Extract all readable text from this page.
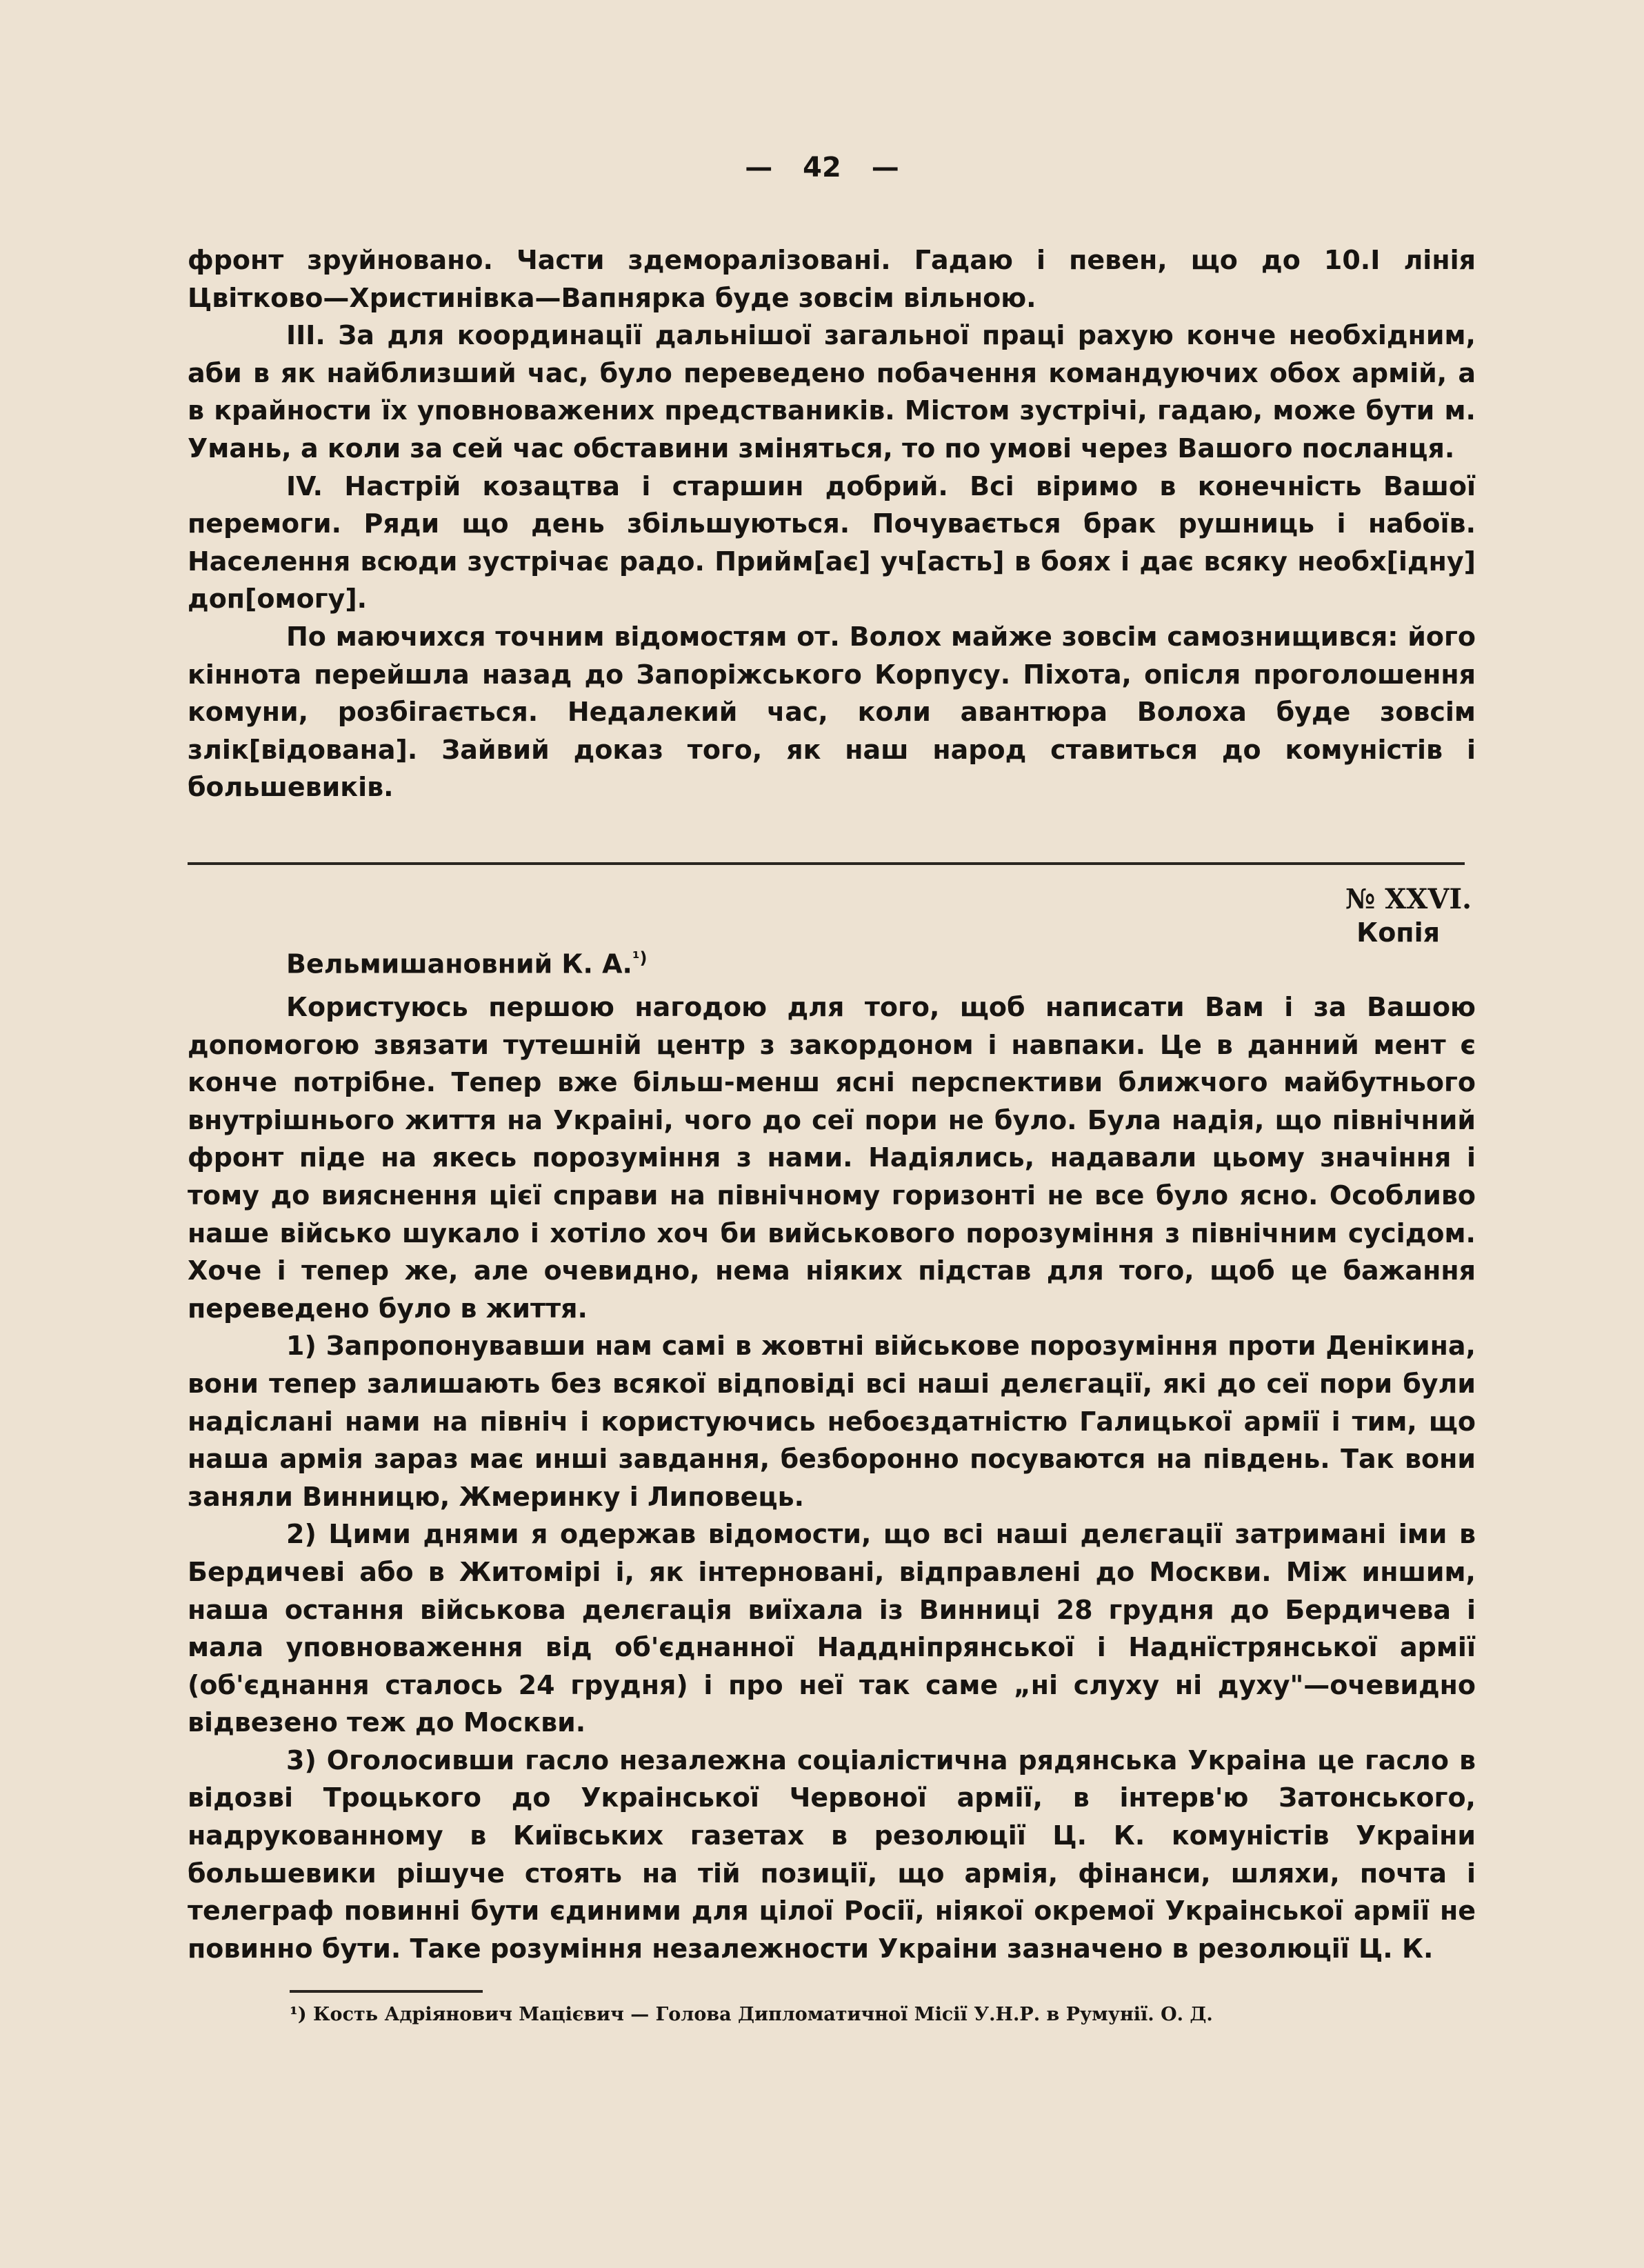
— 42 —

фронт зруйновано. Части здеморалізовані. Гадаю і певен, що до 10.І лінія Цвітково—Христинівка—Вапнярка буде зовсім вільною.

ІІІ. За для координації дальнішої загальної праці рахую конче необхідним, аби в як найблизший час, було переведено побачення командуючих обох армій, а в крайности їх уповноважених предстваників. Містом зустрічі, гадаю, може бути м. Умань, а коли за сей час обставини зміняться, то по умові через Вашого посланця.

ІV. Настрій козацтва і старшин добрий. Всі віримо в конечність Вашої перемоги. Ряди що день збільшуються. Почувається брак рушниць і набоїв. Населення всюди зустрічає радо. Прийм[ає] уч[асть] в боях і дає всяку необх[ідну] доп[омогу].

По маючихся точним відомостям от. Волох майже зовсім самознищився: його кіннота перейшла назад до Запоріжського Корпусу. Піхота, опісля проголошення комуни, розбігається. Недалекий час, коли авантюра Волоха буде зовсім злік[відована]. Зайвий доказ того, як наш народ ставиться до комуністів і большевиків.

№ XXVI.
Копія
Вельмишановний К. А.$^{^1)}$

Користуюсь першою нагодою для того, щоб написати Вам і за Вашою допомогою звязати тутешній центр з закордоном і навпаки. Це в данний мент є конче потрібне. Тепер вже більш-менш ясні перспективи ближчого майбутнього внутрішнього життя на Украіні, чого до сеї пори не було. Була надія, що північний фронт піде на якесь порозуміння з нами. Надіялись, надавали цьому значіння і тому до вияснення цієї справи на північному горизонті не все було ясно. Особливо наше військо шукало і хотіло хоч би вийськового порозуміння з північним сусідом. Хоче і тепер же, але очевидно, нема ніяких підстав для того, щоб це бажання переведено було в життя.

1) Запропонувавши нам самі в жовтні військове порозуміння проти Денікина, вони тепер залишають без всякої відповіді всі наші делєгації, які до сеї пори були надіслані нами на північ і користуючись небоєздатністю Галицької армії і тим, що наша армія зараз має инші завдання, безборонно посуваются на південь. Так вони заняли Винницю, Жмеринку і Липовець.

2) Цими днями я одержав відомости, що всі наші делєгації затримані іми в Бердичеві або в Житомірі і, як інтерновані, відправлені до Москви. Між иншим, наша остання військова делєгація виїхала із Винниці 28 грудня до Бердичева і мала уповноваження від об'єднанної Наддніпрянської і Наднїстрянської армії (об'єднання сталось 24 грудня) і про неї так саме „ні слуху ні духу"—очевидно відвезено теж до Москви.

3) Оголосивши гасло незалежна соціалістична рядянська Украіна це гасло в відозві Троцького до Украінської Червоної армії, в інтерв'ю Затонського, надрукованному в Київських газетах в резолюції Ц. К. комуністів Украіни большевики рішуче стоять на тій позиції, що армія, фінанси, шляхи, почта і телеграф повинні бути єдиними для цілої Росії, ніякої окремої Украінської армії не повинно бути. Таке розуміння незалежности Украіни зазначено в резолюції Ц. К.

¹) Кость Адріянович Мацієвич — Голова Дипломатичної Місії У.Н.Р. в Румунії. О. Д.
